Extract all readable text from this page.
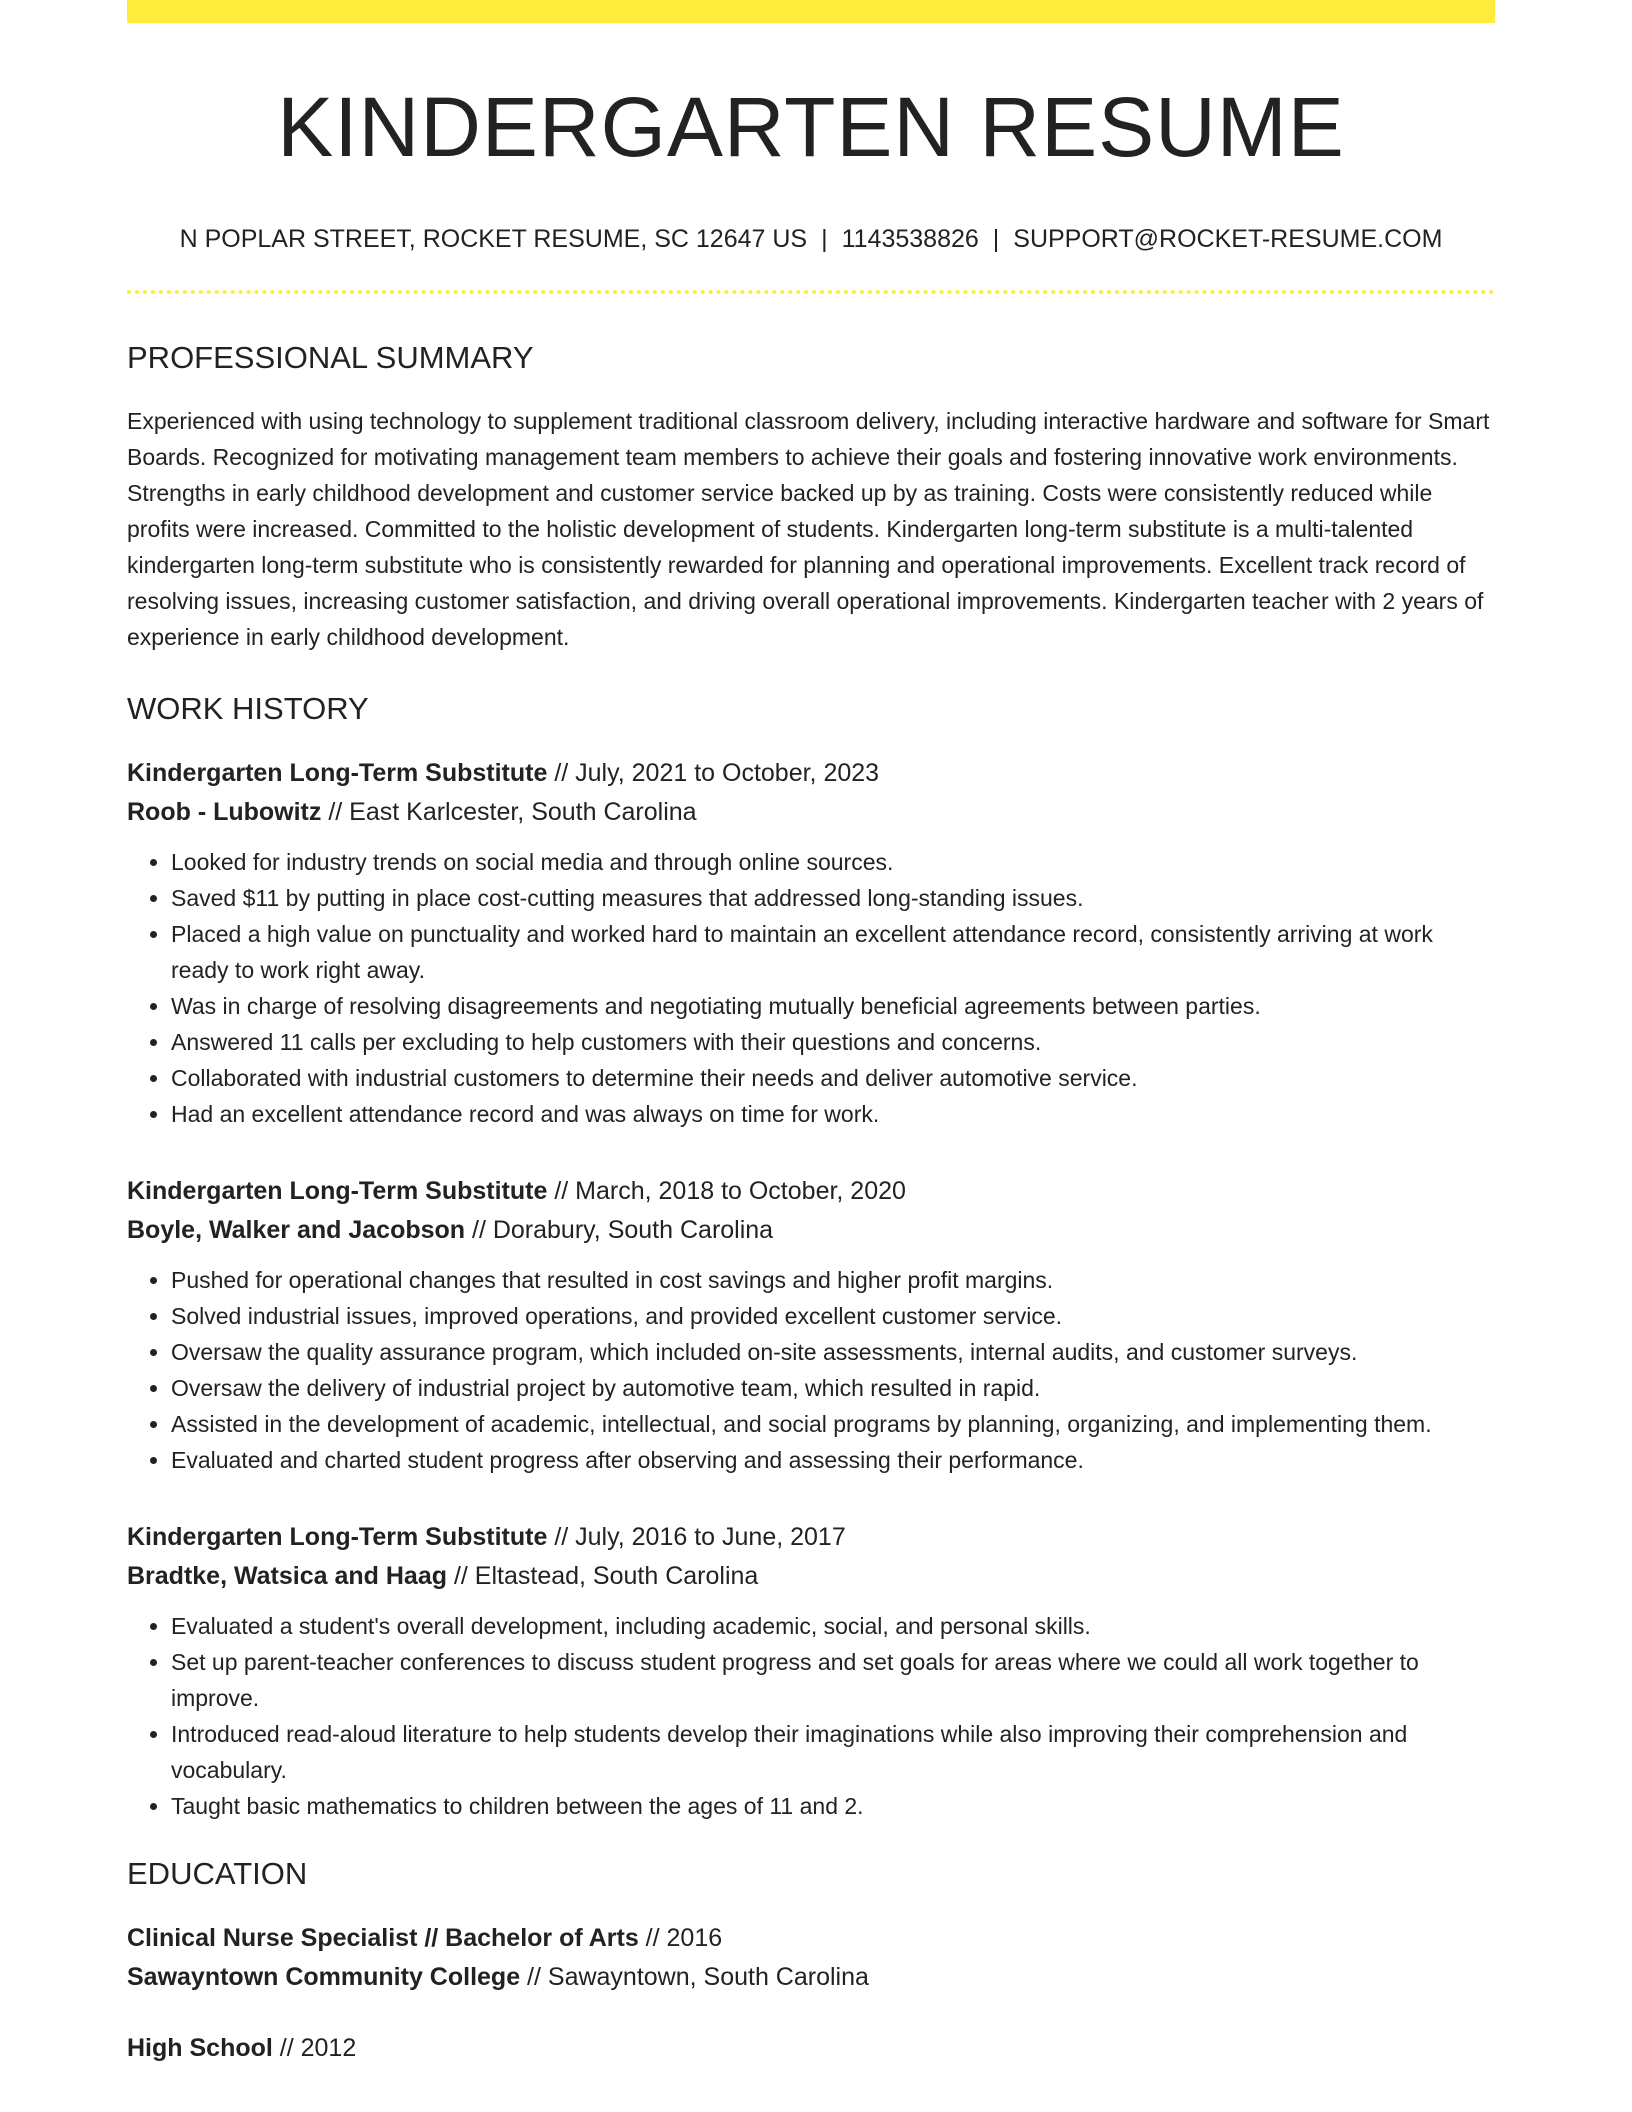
KINDERGARTEN RESUME
N POPLAR STREET, ROCKET RESUME, SC 12647 US | 1143538826 | SUPPORT@ROCKET-RESUME.COM
PROFESSIONAL SUMMARY

Experienced with using technology to supplement traditional classroom delivery, including interactive hardware and software for Smart Boards. Recognized for motivating management team members to achieve their goals and fostering innovative work environments. Strengths in early childhood development and customer service backed up by as training. Costs were consistently reduced while profits were increased. Committed to the holistic development of students. Kindergarten long-term substitute is a multi-talented kindergarten long-term substitute who is consistently rewarded for planning and operational improvements. Excellent track record of resolving issues, increasing customer satisfaction, and driving overall operational improvements. Kindergarten teacher with 2 years of experience in early childhood development.

WORK HISTORY
Kindergarten Long-Term Substitute // July, 2021 to October, 2023
Roob - Lubowitz // East Karlcester, South Carolina
• Looked for industry trends on social media and through online sources.
• Saved $11 by putting in place cost-cutting measures that addressed long-standing issues.
• Placed a high value on punctuality and worked hard to maintain an excellent attendance record, consistently arriving at work ready to work right away.
• Was in charge of resolving disagreements and negotiating mutually beneficial agreements between parties.
• Answered 11 calls per excluding to help customers with their questions and concerns.
• Collaborated with industrial customers to determine their needs and deliver automotive service.
• Had an excellent attendance record and was always on time for work.
Kindergarten Long-Term Substitute // March, 2018 to October, 2020
Boyle, Walker and Jacobson // Dorabury, South Carolina
• Pushed for operational changes that resulted in cost savings and higher profit margins.
• Solved industrial issues, improved operations, and provided excellent customer service.
• Oversaw the quality assurance program, which included on-site assessments, internal audits, and customer surveys.
• Oversaw the delivery of industrial project by automotive team, which resulted in rapid.
• Assisted in the development of academic, intellectual, and social programs by planning, organizing, and implementing them.
• Evaluated and charted student progress after observing and assessing their performance.
Kindergarten Long-Term Substitute // July, 2016 to June, 2017
Bradtke, Watsica and Haag // Eltastead, South Carolina
• Evaluated a student's overall development, including academic, social, and personal skills.
• Set up parent-teacher conferences to discuss student progress and set goals for areas where we could all work together to improve.
• Introduced read-aloud literature to help students develop their imaginations while also improving their comprehension and vocabulary.
• Taught basic mathematics to children between the ages of 11 and 2.
EDUCATION
Clinical Nurse Specialist // Bachelor of Arts // 2016
Sawayntown Community College // Sawayntown, South Carolina
High School // 2012
